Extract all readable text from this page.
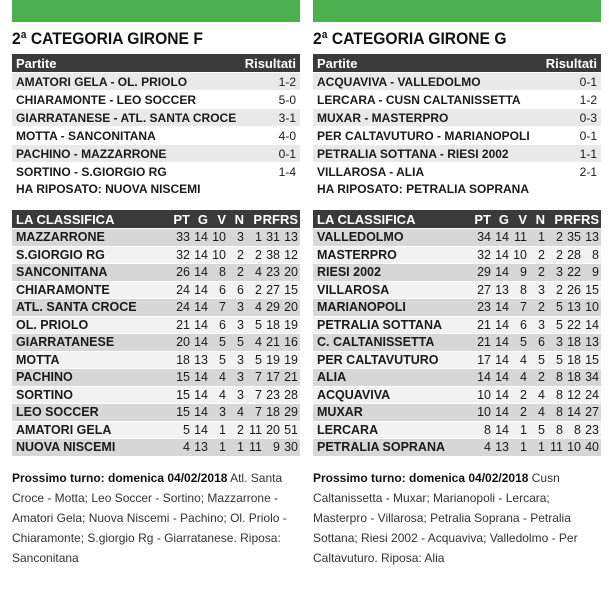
2ª CATEGORIA GIRONE F
Partite	Risultati
AMATORI GELA - OL. PRIOLO	1-2
CHIARAMONTE - LEO SOCCER	5-0
GIARRATANESE - ATL. SANTA CROCE	3-1
MOTTA - SANCONITANA	4-0
PACHINO - MAZZARRONE	0-1
SORTINO - S.GIORGIO RG	1-4
HA RIPOSATO: NUOVA NISCEMI
LA CLASSIFICA	PT G V N P RF RS
MAZZARRONE	33 14 10 3 1 31 13
S.GIORGIO RG	32 14 10 2 2 38 12
SANCONITANA	26 14 8 2 4 23 20
CHIARAMONTE	24 14 6 6 2 27 15
ATL. SANTA CROCE	24 14 7 3 4 29 20
OL. PRIOLO	21 14 6 3 5 18 19
GIARRATANESE	20 14 5 5 4 21 16
MOTTA	18 13 5 3 5 19 19
PACHINO	15 14 4 3 7 17 21
SORTINO	15 14 4 3 7 23 28
LEO SOCCER	15 14 3 4 7 18 29
AMATORI GELA	5 14 1 2 11 20 51
NUOVA NISCEMI	4 13 1 1 11 9 30
Prossimo turno: domenica 04/02/2018 Atl. Santa Croce - Motta; Leo Soccer - Sortino; Mazzarrone - Amatori Gela; Nuova Niscemi - Pachino; Ol. Priolo - Chiaramonte; S.giorgio Rg - Giarratanese. Riposa: Sanconitana
2ª CATEGORIA GIRONE G
Partite	Risultati
ACQUAVIVA - VALLEDOLMO	0-1
LERCARA - CUSN CALTANISSETTA	1-2
MUXAR - MASTERPRO	0-3
PER CALTAVUTURO - MARIANOPOLI	0-1
PETRALIA SOTTANA - RIESI 2002	1-1
VILLAROSA - ALIA	2-1
HA RIPOSATO: PETRALIA SOPRANA
LA CLASSIFICA	PT G V N P RF RS
VALLEDOLMO	34 14 11 1 2 35 13
MASTERPRO	32 14 10 2 2 28 8
RIESI 2002	29 14 9 2 3 22 9
VILLAROSA	27 13 8 3 2 26 15
MARIANOPOLI	23 14 7 2 5 13 10
PETRALIA SOTTANA	21 14 6 3 5 22 14
C. CALTANISSETTA	21 14 5 6 3 18 13
PER CALTAVUTURO	17 14 4 5 5 18 15
ALIA	14 14 4 2 8 18 34
ACQUAVIVA	10 14 2 4 8 12 24
MUXAR	10 14 2 4 8 14 27
LERCARA	8 14 1 5 8 8 23
PETRALIA SOPRANA	4 13 1 1 11 10 40
Prossimo turno: domenica 04/02/2018 Cusn Caltanissetta - Muxar; Marianopoli - Lercara; Masterpro - Villarosa; Petralia Soprana - Petralia Sottana; Riesi 2002 - Acquaviva; Valledolmo - Per Caltavuturo. Riposa: Alia
